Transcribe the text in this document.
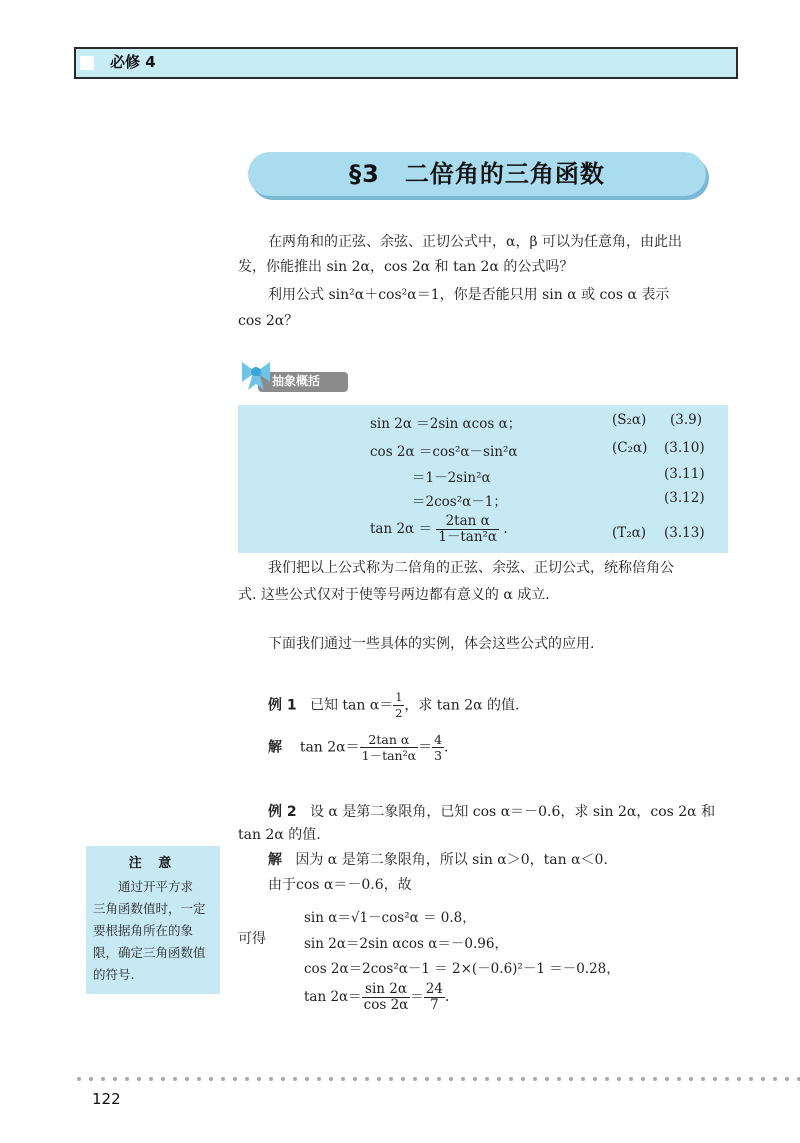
必修 4
§3　二倍角的三角函数
在两角和的正弦、余弦、正切公式中，α，β 可以为任意角，由此出
发，你能推出 sin 2α，cos 2α 和 tan 2α 的公式吗？
利用公式 sin²α＋cos²α＝1，你是否能只用 sin α 或 cos α 表示
cos 2α？
抽象概括
sin 2α ＝2sin αcos α；	(S₂α) (3.9)
cos 2α ＝cos²α－sin²α	(C₂α) (3.10)
＝1－2sin²α	(3.11)
＝2cos²α－1；	(3.12)
$\tan 2\alpha = \frac{\text{2tan α}}{\text{1－tan²α}}$ .	(T₂α) (3.13)
我们把以上公式称为二倍角的正弦、余弦、正切公式，统称倍角公
式. 这些公式仅对于使等号两边都有意义的 α 成立.
下面我们通过一些具体的实例，体会这些公式的应用.
例 1 已知 $\tan \alpha= \frac{1}{2}$ ，求 tan 2α 的值.
解 $\tan 2\alpha= \frac{\text{2tan α}}{\text{1－tan²α}} = \frac{4}{3}$ .
例 2 设 α 是第二象限角，已知 cos α＝－0.6，求 sin 2α，cos 2α 和
tan 2α 的值.
解 因为 α 是第二象限角，所以 sin α＞0，tan α＜0.
由于cos α＝－0.6，故
sin α＝√1－cos²α ＝ 0.8，
可得	sin 2α＝2sin αcos α＝－0.96，
cos 2α＝2cos²α－1 ＝ 2×(－0.6)²－1 ＝－0.28，
$\tan 2\alpha= \frac{\sin 2\alpha}{\cos 2\alpha} = \frac{24}{7}$ .
注 意
通过开平方求
三角函数值时，一定
要根据角所在的象
限，确定三角函数值
的符号.
122
